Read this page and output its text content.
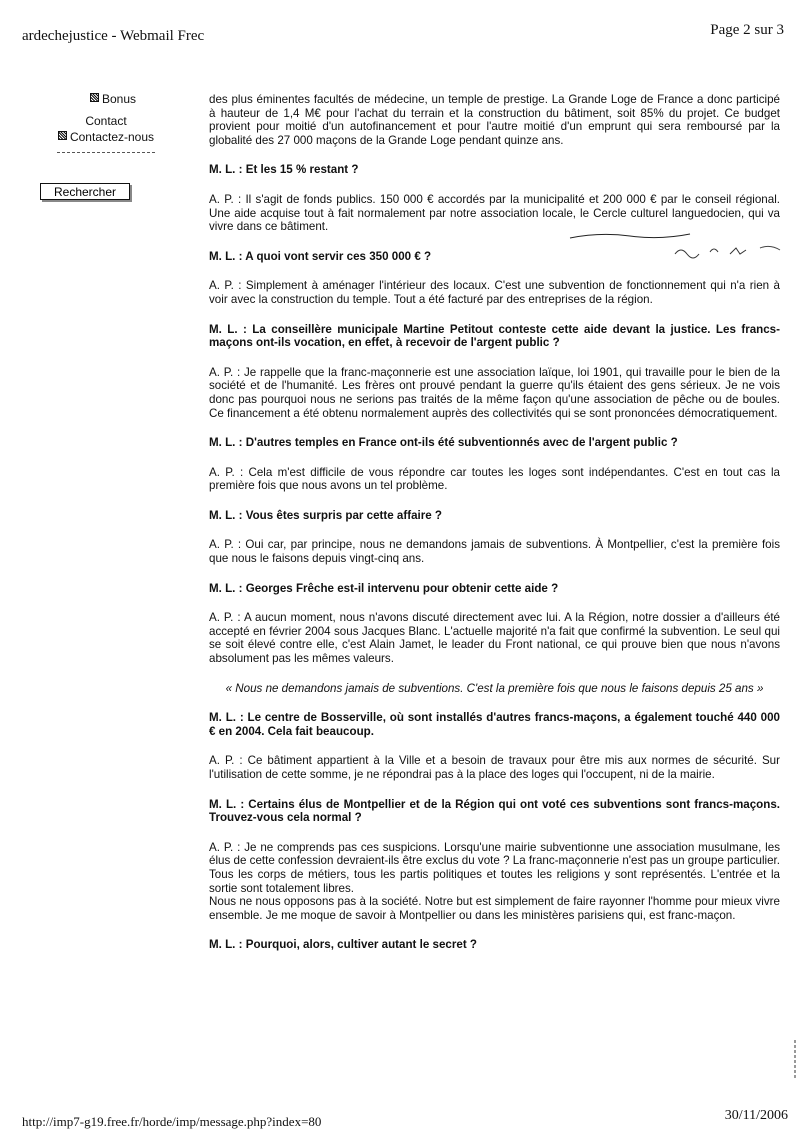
ardechejustice - Webmail Frec	Page 2 sur 3
Bonus
Contact
Contactez-nous
Rechercher

des plus éminentes facultés de médecine, un temple de prestige. La Grande Loge de France a donc participé à hauteur de 1,4 M€ pour l'achat du terrain et la construction du bâtiment, soit 85% du projet. Ce budget provient pour moitié d'un autofinancement et pour l'autre moitié d'un emprunt qui sera remboursé par la globalité des 27 000 maçons de la Grande Loge pendant quinze ans.

M. L. : Et les 15 % restant ?

A. P. : Il s'agit de fonds publics. 150 000 € accordés par la municipalité et 200 000 € par le conseil régional. Une aide acquise tout à fait normalement par notre association locale, le Cercle culturel languedocien, qui va vivre dans ce bâtiment.

M. L. : A quoi vont servir ces 350 000 € ?

A. P. : Simplement à aménager l'intérieur des locaux. C'est une subvention de fonctionnement qui n'a rien à voir avec la construction du temple. Tout a été facturé par des entreprises de la région.

M. L. : La conseillère municipale Martine Petitout conteste cette aide devant la justice. Les francs-maçons ont-ils vocation, en effet, à recevoir de l'argent public ?

A. P. : Je rappelle que la franc-maçonnerie est une association laïque, loi 1901, qui travaille pour le bien de la société et de l'humanité. Les frères ont prouvé pendant la guerre qu'ils étaient des gens sérieux. Je ne vois donc pas pourquoi nous ne serions pas traités de la même façon qu'une association de pêche ou de boules. Ce financement a été obtenu normalement auprès des collectivités qui se sont prononcées démocratiquement.

M. L. : D'autres temples en France ont-ils été subventionnés avec de l'argent public ?

A. P. : Cela m'est difficile de vous répondre car toutes les loges sont indépendantes. C'est en tout cas la première fois que nous avons un tel problème.

M. L. : Vous êtes surpris par cette affaire ?

A. P. : Oui car, par principe, nous ne demandons jamais de subventions. À Montpellier, c'est la première fois que nous le faisons depuis vingt-cinq ans.

M. L. : Georges Frêche est-il intervenu pour obtenir cette aide ?

A. P. : A aucun moment, nous n'avons discuté directement avec lui. A la Région, notre dossier a d'ailleurs été accepté en février 2004 sous Jacques Blanc. L'actuelle majorité n'a fait que confirmé la subvention. Le seul qui se soit élevé contre elle, c'est Alain Jamet, le leader du Front national, ce qui prouve bien que nous n'avons absolument pas les mêmes valeurs.

« Nous ne demandons jamais de subventions. C'est la première fois que nous le faisons depuis 25 ans »

M. L. : Le centre de Bosserville, où sont installés d'autres francs-maçons, a également touché 440 000 € en 2004. Cela fait beaucoup.

A. P. : Ce bâtiment appartient à la Ville et a besoin de travaux pour être mis aux normes de sécurité. Sur l'utilisation de cette somme, je ne répondrai pas à la place des loges qui l'occupent, ni de la mairie.

M. L. : Certains élus de Montpellier et de la Région qui ont voté ces subventions sont francs-maçons. Trouvez-vous cela normal ?

A. P. : Je ne comprends pas ces suspicions. Lorsqu'une mairie subventionne une association musulmane, les élus de cette confession devraient-ils être exclus du vote ? La franc-maçonnerie n'est pas un groupe particulier. Tous les corps de métiers, tous les partis politiques et toutes les religions y sont représentés. L'entrée et la sortie sont totalement libres.
Nous ne nous opposons pas à la société. Notre but est simplement de faire rayonner l'homme pour mieux vivre ensemble. Je me moque de savoir à Montpellier ou dans les ministères parisiens qui, est franc-maçon.

M. L. : Pourquoi, alors, cultiver autant le secret ?

http://imp7-g19.free.fr/horde/imp/message.php?index=80	30/11/2006
